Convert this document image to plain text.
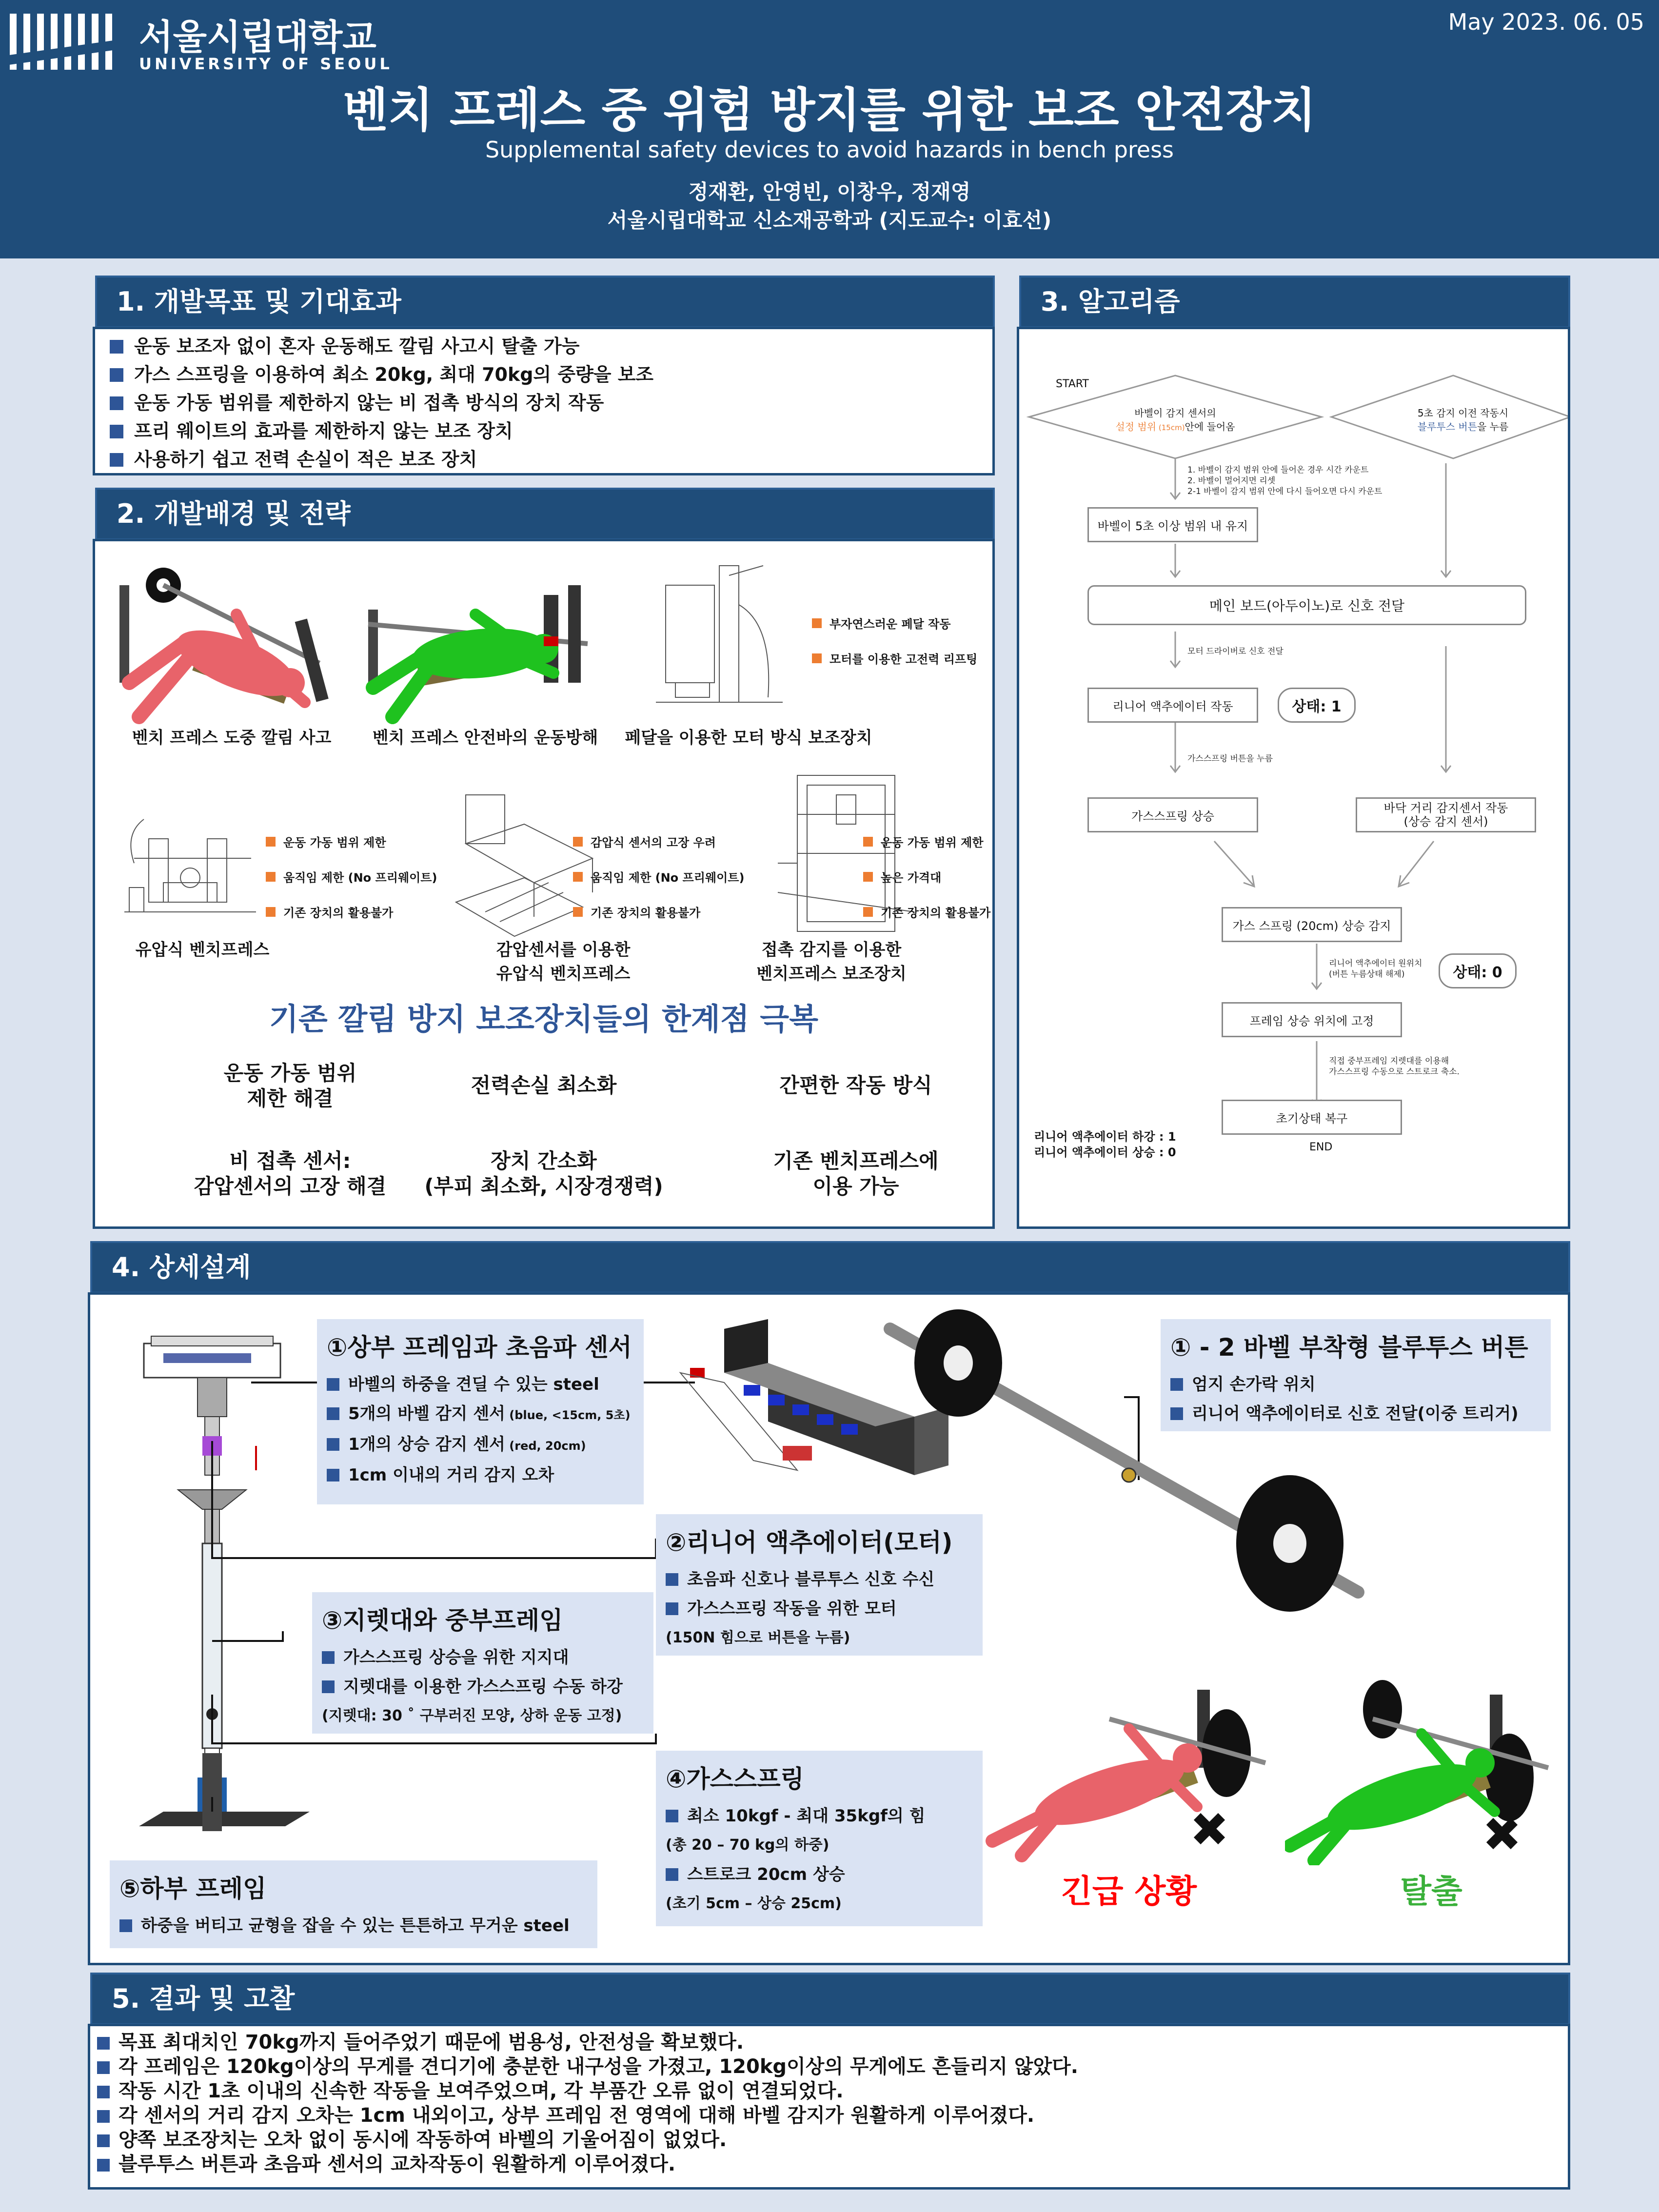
서울시립대학교
UNIVERSITY OF SEOUL
May 2023. 06. 05
벤치 프레스 중 위험 방지를 위한 보조 안전장치
Supplemental safety devices to avoid hazards in bench press
정재환, 안영빈, 이창우, 정재영
서울시립대학교 신소재공학과 (지도교수: 이효선)
1. 개발목표 및 기대효과
운동 보조자 없이 혼자 운동해도 깔림 사고시 탈출 가능
가스 스프링을 이용하여 최소 20kg, 최대 70kg의 중량을 보조
운동 가동 범위를 제한하지 않는 비 접촉 방식의 장치 작동
프리 웨이트의 효과를 제한하지 않는 보조 장치
사용하기 쉽고 전력 손실이 적은 보조 장치
2. 개발배경 및 전략
벤치 프레스 도중 깔림 사고	벤치 프레스 안전바의 운동방해
부자연스러운 페달 작동
모터를 이용한 고전력 리프팅
페달을 이용한 모터 방식 보조장치
운동 가동 범위 제한
움직임 제한 (No 프리웨이트)
기존 장치의 활용불가
유압식 벤치프레스
감압식 센서의 고장 우려
움직임 제한 (No 프리웨이트)
기존 장치의 활용불가
감압센서를 이용한
유압식 벤치프레스
운동 가동 범위 제한
높은 가격대
기존 장치의 활용불가
접촉 감지를 이용한
벤치프레스 보조장치
기존 깔림 방지 보조장치들의 한계점 극복
운동 가동 범위
제한 해결
전력손실 최소화	간편한 작동 방식
비 접촉 센서:
감압센서의 고장 해결
장치 간소화
(부피 최소화, 시장경쟁력)
기존 벤치프레스에
이용 가능
3. 알고리즘
START
바벨이 감지 센서의
설정 범위 (15cm)안에 들어옴
5초 감지 이전 작동시
블루투스 버튼을 누름
1. 바벨이 감지 범위 안에 들어온 경우 시간 카운트
2. 바벨이 멀어지면 리셋
2-1 바벨이 감지 범위 안에 다시 들어오면 다시 카운트
바벨이 5초 이상 범위 내 유지
메인 보드(아두이노)로 신호 전달
모터 드라이버로 신호 전달
리니어 액추에이터 작동	상태: 1
가스스프링 버튼을 누름
가스스프링 상승
바닥 거리 감지센서 작동
(상승 감지 센서)
가스 스프링 (20cm) 상승 감지
리니어 액추에이터 원위치
(버튼 누름상태 해제)	상태: 0
프레임 상승 위치에 고정
직접 중부프레임 지렛대를 이용해
가스스프링 수동으로 스트로크 축소.
초기상태 복구
END
리니어 액추에이터 하강 : 1
리니어 액추에이터 상승 : 0
4. 상세설계
①상부 프레임과 초음파 센서
바벨의 하중을 견딜 수 있는 steel
5개의 바벨 감지 센서 (blue, <15cm, 5초)
1개의 상승 감지 센서 (red, 20cm)
1cm 이내의 거리 감지 오차
① - 2 바벨 부착형 블루투스 버튼
엄지 손가락 위치
리니어 액추에이터로 신호 전달(이중 트리거)
②리니어 액추에이터(모터)
초음파 신호나 블루투스 신호 수신
가스스프링 작동을 위한 모터
(150N 힘으로 버튼을 누름)
③지렛대와 중부프레임
가스스프링 상승을 위한 지지대
지렛대를 이용한 가스스프링 수동 하강
(지렛대: 30 ˚ 구부러진 모양, 상하 운동 고정)
④가스스프링
최소 10kgf - 최대 35kgf의 힘
(총 20 – 70 kg의 하중)
스트로크 20cm 상승
(초기 5cm – 상승 25cm)
⑤하부 프레임
하중을 버티고 균형을 잡을 수 있는 튼튼하고 무거운 steel
긴급 상황	탈출
5. 결과 및 고찰
목표 최대치인 70kg까지 들어주었기 때문에 범용성, 안전성을 확보했다.
각 프레임은 120kg이상의 무게를 견디기에 충분한 내구성을 가졌고, 120kg이상의 무게에도 흔들리지 않았다.
작동 시간 1초 이내의 신속한 작동을 보여주었으며, 각 부품간 오류 없이 연결되었다.
각 센서의 거리 감지 오차는 1cm 내외이고, 상부 프레임 전 영역에 대해 바벨 감지가 원활하게 이루어졌다.
양쪽 보조장치는 오차 없이 동시에 작동하여 바벨의 기울어짐이 없었다.
블루투스 버튼과 초음파 센서의 교차작동이 원활하게 이루어졌다.
